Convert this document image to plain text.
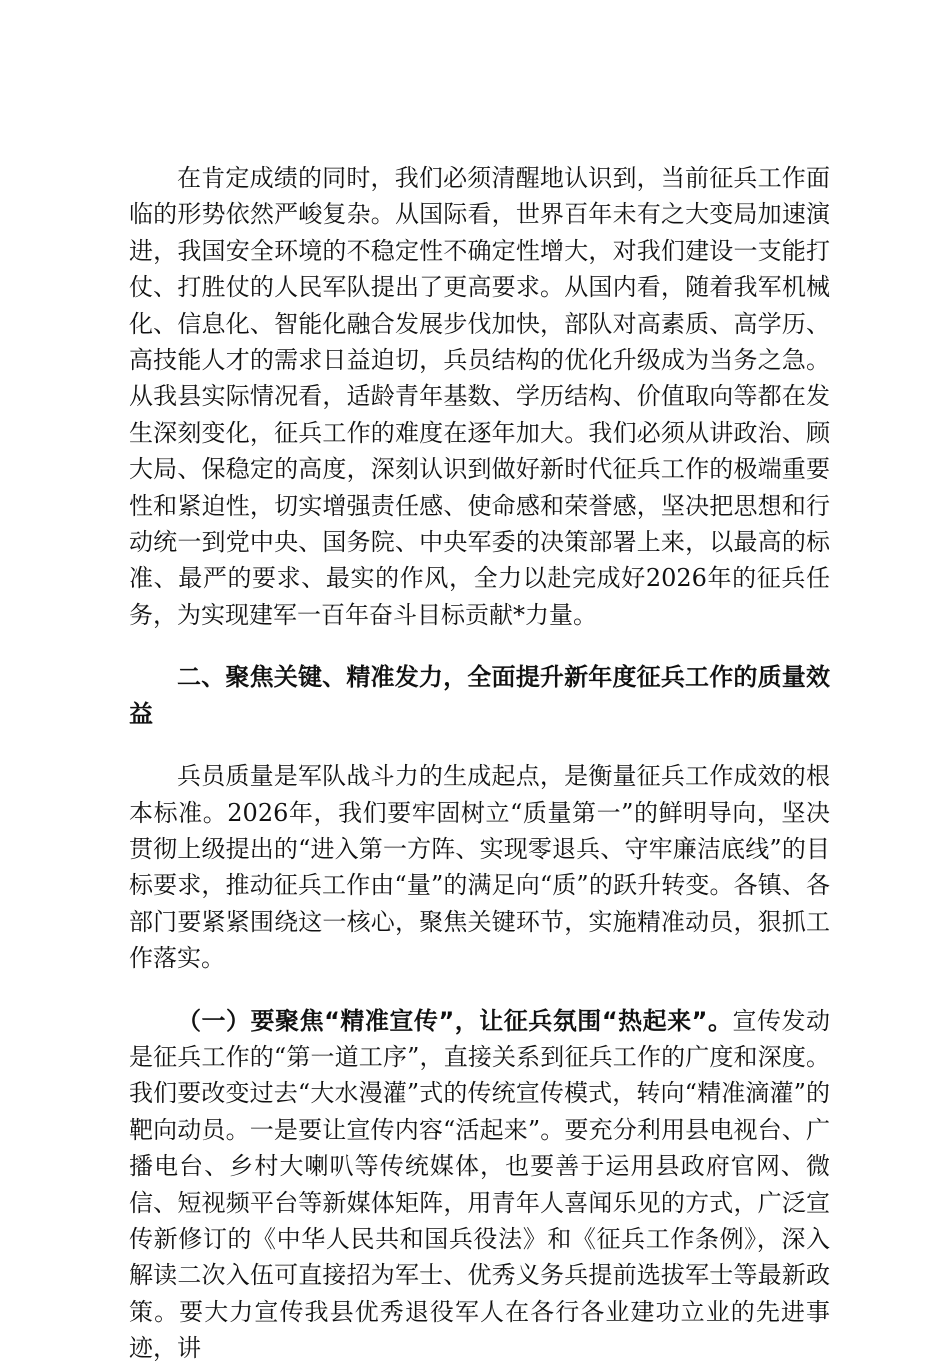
在肯定成绩的同时，我们必须清醒地认识到，当前征兵工作面临的形势依然严峻复杂。从国际看，世界百年未有之大变局加速演进，我国安全环境的不稳定性不确定性增大，对我们建设一支能打仗、打胜仗的人民军队提出了更高要求。从国内看，随着我军机械化、信息化、智能化融合发展步伐加快，部队对高素质、高学历、高技能人才的需求日益迫切，兵员结构的优化升级成为当务之急。从我县实际情况看，适龄青年基数、学历结构、价值取向等都在发生深刻变化，征兵工作的难度在逐年加大。我们必须从讲政治、顾大局、保稳定的高度，深刻认识到做好新时代征兵工作的极端重要性和紧迫性，切实增强责任感、使命感和荣誉感，坚决把思想和行动统一到党中央、国务院、中央军委的决策部署上来，以最高的标准、最严的要求、最实的作风，全力以赴完成好2026年的征兵任务，为实现建军一百年奋斗目标贡献*力量。

二、聚焦关键、精准发力，全面提升新年度征兵工作的质量效益

兵员质量是军队战斗力的生成起点，是衡量征兵工作成效的根本标准。2026年，我们要牢固树立“质量第一”的鲜明导向，坚决贯彻上级提出的“进入第一方阵、实现零退兵、守牢廉洁底线”的目标要求，推动征兵工作由“量”的满足向“质”的跃升转变。各镇、各部门要紧紧围绕这一核心，聚焦关键环节，实施精准动员，狠抓工作落实。

（一）要聚焦“精准宣传”，让征兵氛围“热起来”。宣传发动是征兵工作的“第一道工序”，直接关系到征兵工作的广度和深度。我们要改变过去“大水漫灌”式的传统宣传模式，转向“精准滴灌”的靶向动员。一是要让宣传内容“活起来”。要充分利用县电视台、广播电台、乡村大喇叭等传统媒体，也要善于运用县政府官网、微信、短视频平台等新媒体矩阵，用青年人喜闻乐见的方式，广泛宣传新修订的《中华人民共和国兵役法》和《征兵工作条例》，深入解读二次入伍可直接招为军士、优秀义务兵提前选拔军士等最新政策。要大力宣传我县优秀退役军人在各行各业建功立业的先进事迹，讲
